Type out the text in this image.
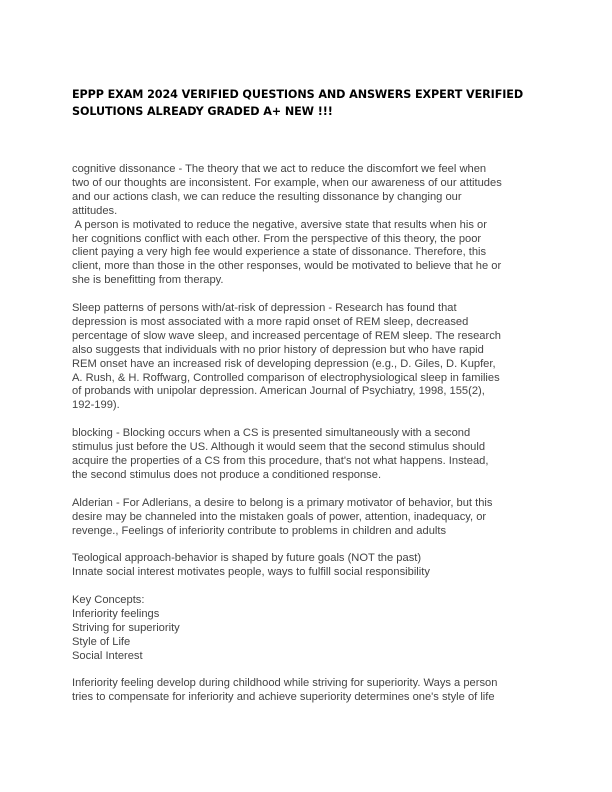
EPPP EXAM 2024 VERIFIED QUESTIONS AND ANSWERS EXPERT VERIFIED
SOLUTIONS ALREADY GRADED A+ NEW !!!

cognitive dissonance - The theory that we act to reduce the discomfort we feel when
two of our thoughts are inconsistent. For example, when our awareness of our attitudes
and our actions clash, we can reduce the resulting dissonance by changing our
attitudes.
A person is motivated to reduce the negative, aversive state that results when his or
her cognitions conflict with each other. From the perspective of this theory, the poor
client paying a very high fee would experience a state of dissonance. Therefore, this
client, more than those in the other responses, would be motivated to believe that he or
she is benefitting from therapy.

Sleep patterns of persons with/at-risk of depression - Research has found that
depression is most associated with a more rapid onset of REM sleep, decreased
percentage of slow wave sleep, and increased percentage of REM sleep. The research
also suggests that individuals with no prior history of depression but who have rapid
REM onset have an increased risk of developing depression (e.g., D. Giles, D. Kupfer,
A. Rush, & H. Roffwarg, Controlled comparison of electrophysiological sleep in families
of probands with unipolar depression. American Journal of Psychiatry, 1998, 155(2),
192-199).

blocking - Blocking occurs when a CS is presented simultaneously with a second
stimulus just before the US. Although it would seem that the second stimulus should
acquire the properties of a CS from this procedure, that's not what happens. Instead,
the second stimulus does not produce a conditioned response.

Alderian - For Adlerians, a desire to belong is a primary motivator of behavior, but this
desire may be channeled into the mistaken goals of power, attention, inadequacy, or
revenge., Feelings of inferiority contribute to problems in children and adults

Teological approach-behavior is shaped by future goals (NOT the past)
Innate social interest motivates people, ways to fulfill social responsibility

Key Concepts:
Inferiority feelings
Striving for superiority
Style of Life
Social Interest

Inferiority feeling develop during childhood while striving for superiority. Ways a person
tries to compensate for inferiority and achieve superiority determines one's style of life
